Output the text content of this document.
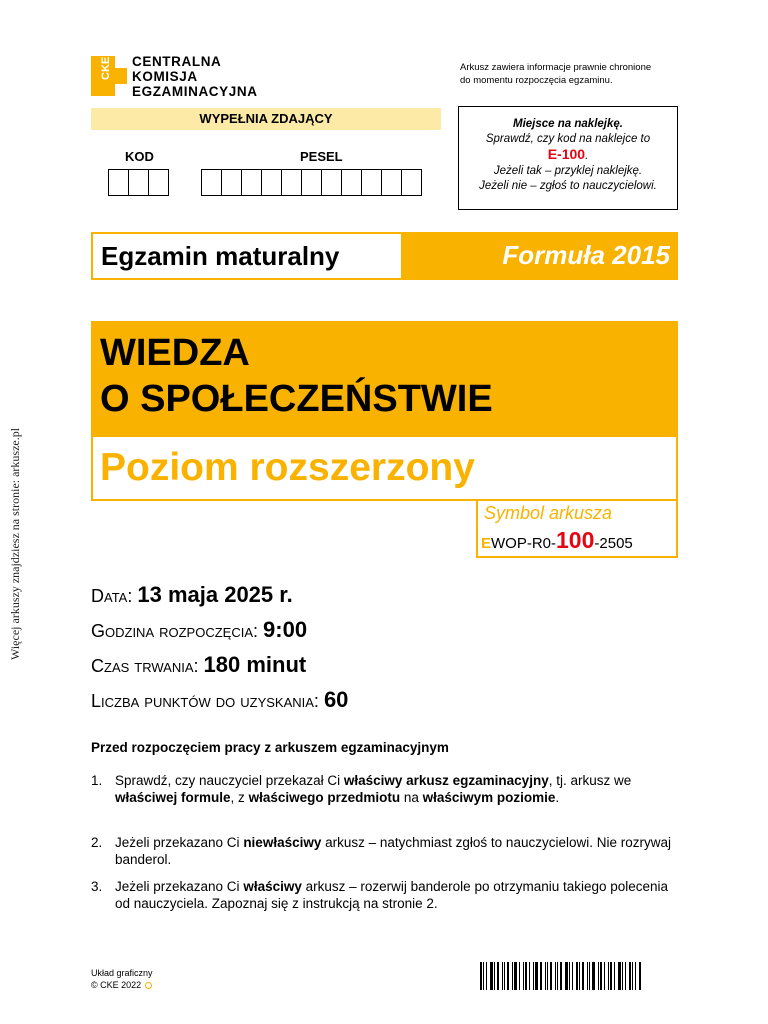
Więcej arkuszy znajdziesz na stronie: arkusze.pl
CKE CENTRALNA
KOMISJA
EGZAMINACYJNA
Arkusz zawiera informacje prawnie chronione
do momentu rozpoczęcia egzaminu.
WYPEŁNIA ZDAJĄCY
KOD	PESEL
Miejsce na naklejkę.
Sprawdź, czy kod na naklejce to
E-100.
Jeżeli tak – przyklej naklejkę.
Jeżeli nie – zgłoś to nauczycielowi.
Egzamin maturalny	Formuła 2015
WIEDZA
O SPOŁECZEŃSTWIE
Poziom rozszerzony
Symbol arkusza
EWOP-R0-100-2505
Data: 13 maja 2025 r.
Godzina rozpoczęcia: 9:00
Czas trwania: 180 minut
Liczba punktów do uzyskania: 60
Przed rozpoczęciem pracy z arkuszem egzaminacyjnym
1. Sprawdź, czy nauczyciel przekazał Ci właściwy arkusz egzaminacyjny, tj. arkusz we właściwej formule, z właściwego przedmiotu na właściwym poziomie.
2. Jeżeli przekazano Ci niewłaściwy arkusz – natychmiast zgłoś to nauczycielowi. Nie rozrywaj banderol.
3. Jeżeli przekazano Ci właściwy arkusz – rozerwij banderole po otrzymaniu takiego polecenia od nauczyciela. Zapoznaj się z instrukcją na stronie 2.
Układ graficzny
© CKE 2022
